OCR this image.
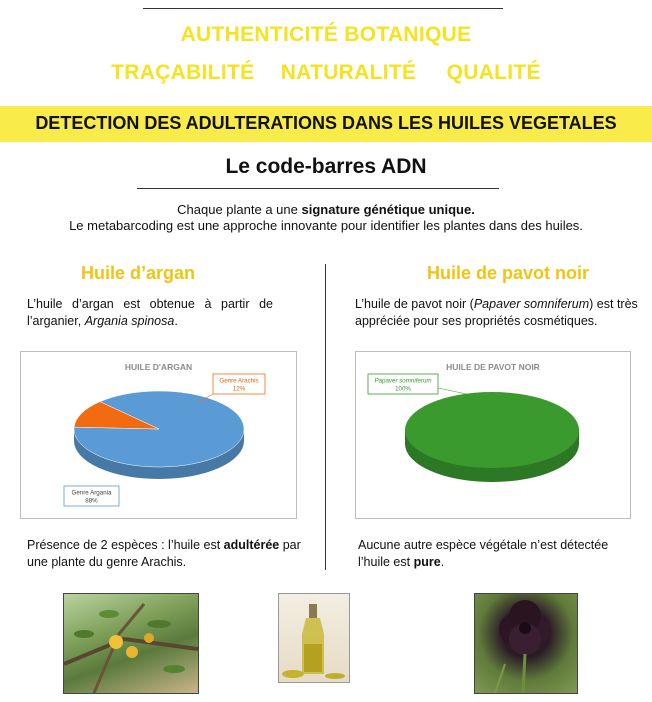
AUTHENTICITÉ BOTANIQUE
TRAÇABILITÉ NATURALITÉ QUALITÉ
DETECTION DES ADULTERATIONS DANS LES HUILES VEGETALES
Le code-barres ADN
Chaque plante a une signature génétique unique.
Le metabarcoding est une approche innovante pour identifier les plantes dans des huiles.
Huile d’argan
L’huile d’argan est obtenue à partir de l’arganier, Argania spinosa.
HUILE D'ARGAN
Genre Argania
88%
Genre Arachis
12%
Présence de 2 espèces : l’huile est adultérée par une plante du genre Arachis.
Huile de pavot noir
L’huile de pavot noir (Papaver somniferum) est très appréciée pour ses propriétés cosmétiques.
HUILE DE PAVOT NOIR
Papaver somniferum
100%
Aucune autre espèce végétale n’est détectée l’huile est pure.
